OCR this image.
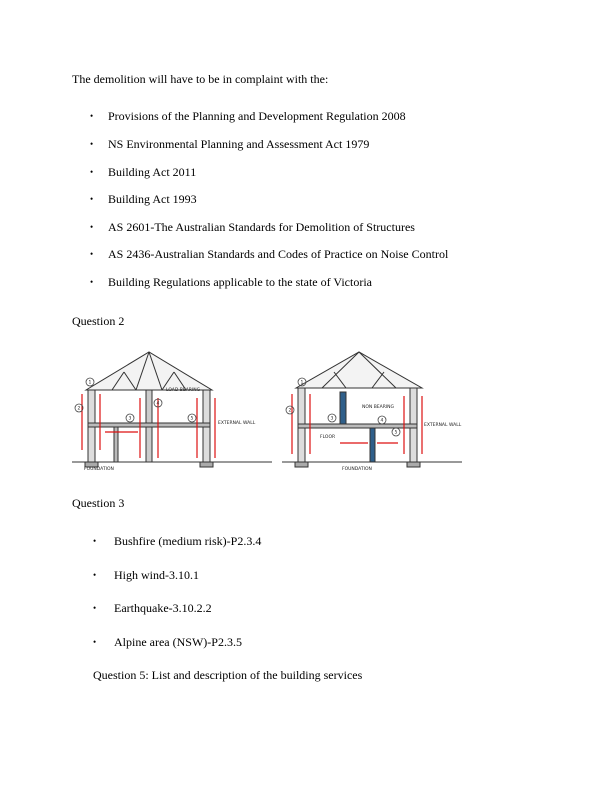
The demolition will have to be in complaint with the:
• Provisions of the Planning and Development Regulation 2008
• NS Environmental Planning and Assessment Act 1979
• Building Act 2011
• Building Act 1993
• AS 2601-The Australian Standards for Demolition of Structures
• AS 2436-Australian Standards and Codes of Practice on Noise Control
• Building Regulations applicable to the state of Victoria
Question 2
1
2
3
4
5
LOAD BEARING
EXTERNAL WALL
FOUNDATION
1
2
3	4
5
NON BEARING
EXTERNAL WALL
FLOOR
FOUNDATION
Question 3
• Bushfire (medium risk)-P2.3.4
• High wind-3.10.1
• Earthquake-3.10.2.2
• Alpine area (NSW)-P2.3.5
Question 5: List and description of the building services
